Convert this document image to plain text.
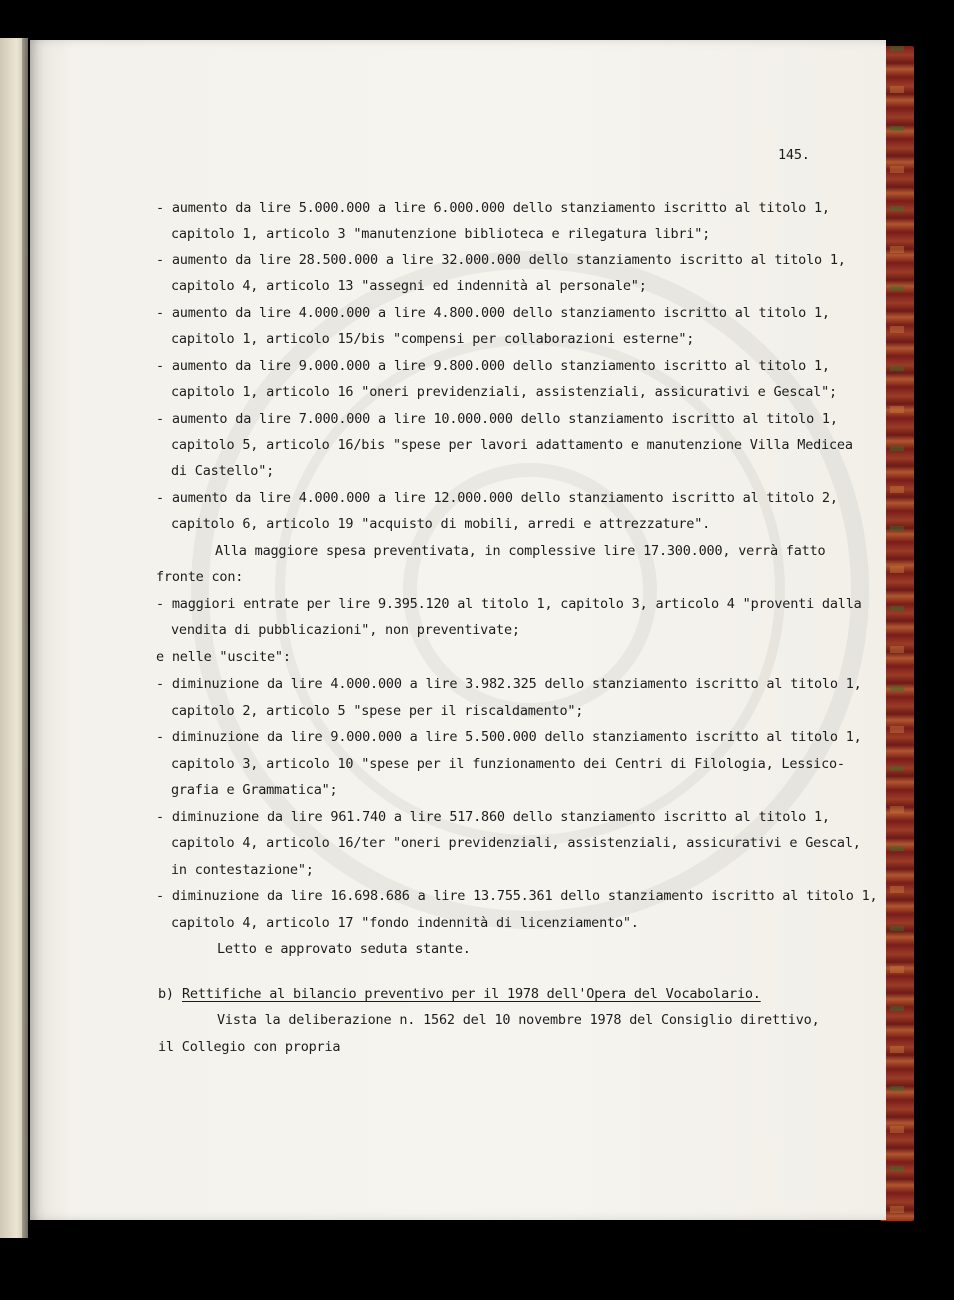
145.
- aumento da lire 5.000.000 a lire 6.000.000 dello stanziamento iscritto al titolo 1,
capitolo 1, articolo 3 "manutenzione biblioteca e rilegatura libri";
- aumento da lire 28.500.000 a lire 32.000.000 dello stanziamento iscritto al titolo 1,
capitolo 4, articolo 13 "assegni ed indennità al personale";
- aumento da lire 4.000.000 a lire 4.800.000 dello stanziamento iscritto al titolo 1,
capitolo 1, articolo 15/bis "compensi per collaborazioni esterne";
- aumento da lire 9.000.000 a lire 9.800.000 dello stanziamento iscritto al titolo 1,
capitolo 1, articolo 16 "oneri previdenziali, assistenziali, assicurativi e Gescal";
- aumento da lire 7.000.000 a lire 10.000.000 dello stanziamento iscritto al titolo 1,
capitolo 5, articolo 16/bis "spese per lavori adattamento e manutenzione Villa Medicea
di Castello";
- aumento da lire 4.000.000 a lire 12.000.000 dello stanziamento iscritto al titolo 2,
capitolo 6, articolo 19 "acquisto di mobili, arredi e attrezzature".
Alla maggiore spesa preventivata, in complessive lire 17.300.000, verrà fatto
fronte con:
- maggiori entrate per lire 9.395.120 al titolo 1, capitolo 3, articolo 4 "proventi dalla
vendita di pubblicazioni", non preventivate;
e nelle "uscite":
- diminuzione da lire 4.000.000 a lire 3.982.325 dello stanziamento iscritto al titolo 1,
capitolo 2, articolo 5 "spese per il riscaldamento";
- diminuzione da lire 9.000.000 a lire 5.500.000 dello stanziamento iscritto al titolo 1,
capitolo 3, articolo 10 "spese per il funzionamento dei Centri di Filologia, Lessico-
grafia e Grammatica";
- diminuzione da lire 961.740 a lire 517.860 dello stanziamento iscritto al titolo 1,
capitolo 4, articolo 16/ter "oneri previdenziali, assistenziali, assicurativi e Gescal,
in contestazione";
- diminuzione da lire 16.698.686 a lire 13.755.361 dello stanziamento iscritto al titolo 1,
capitolo 4, articolo 17 "fondo indennità di licenziamento".
Letto e approvato seduta stante.
b) Rettifiche al bilancio preventivo per il 1978 dell'Opera del Vocabolario.
Vista la deliberazione n. 1562 del 10 novembre 1978 del Consiglio direttivo,
il Collegio con propria
